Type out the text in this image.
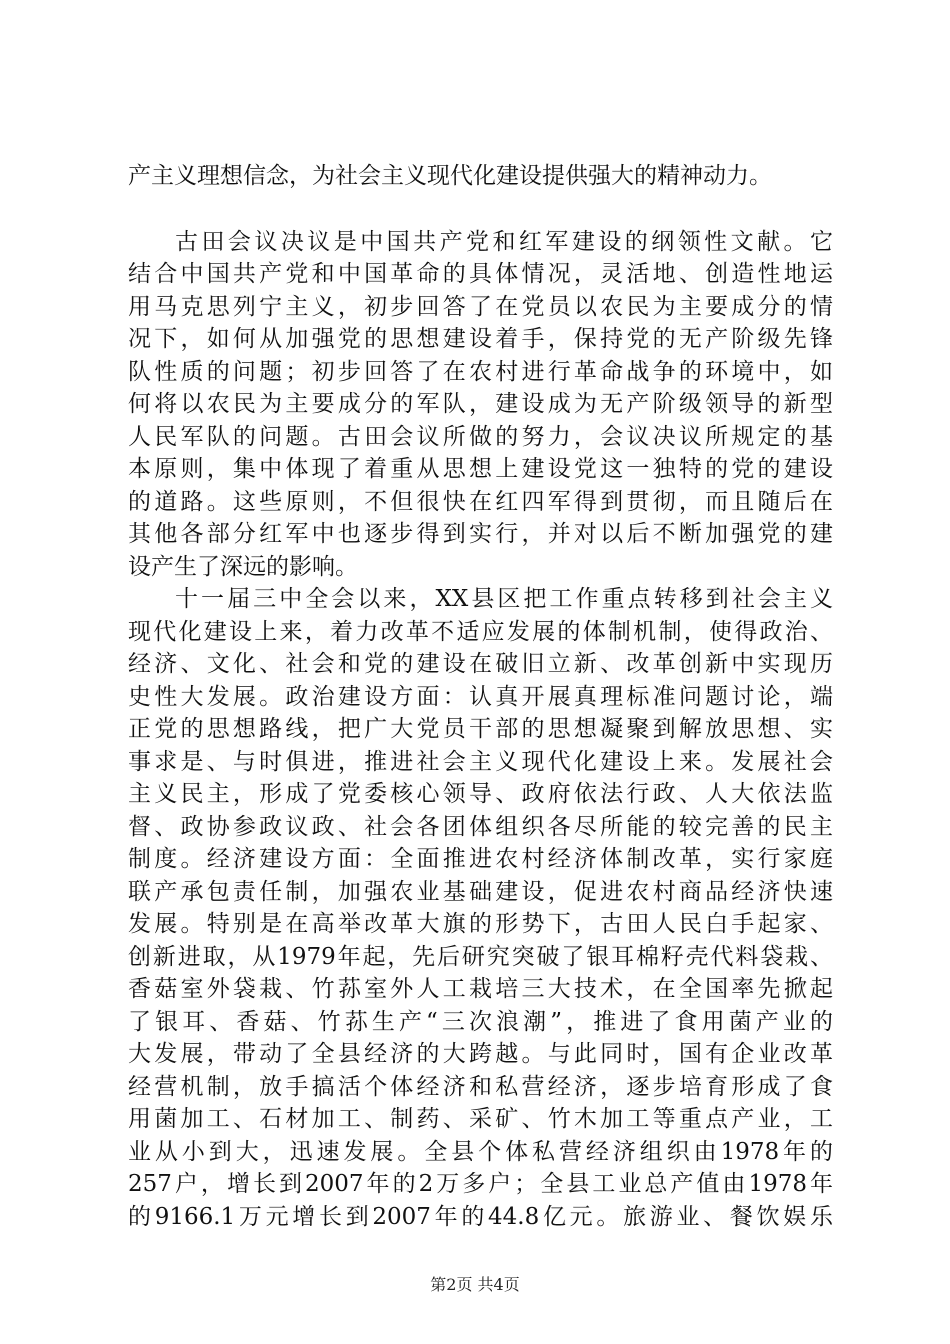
产主义理想信念，为社会主义现代化建设提供强大的精神动力。
古田会议决议是中国共产党和红军建设的纲领性文献。它
结合中国共产党和中国革命的具体情况，灵活地、创造性地运
用马克思列宁主义，初步回答了在党员以农民为主要成分的情
况下，如何从加强党的思想建设着手，保持党的无产阶级先锋
队性质的问题；初步回答了在农村进行革命战争的环境中，如
何将以农民为主要成分的军队，建设成为无产阶级领导的新型
人民军队的问题。古田会议所做的努力，会议决议所规定的基
本原则，集中体现了着重从思想上建设党这一独特的党的建设
的道路。这些原则，不但很快在红四军得到贯彻，而且随后在
其他各部分红军中也逐步得到实行，并对以后不断加强党的建
设产生了深远的影响。
十一届三中全会以来，XX县区把工作重点转移到社会主义
现代化建设上来，着力改革不适应发展的体制机制，使得政治、
经济、文化、社会和党的建设在破旧立新、改革创新中实现历
史性大发展。政治建设方面：认真开展真理标准问题讨论，端
正党的思想路线，把广大党员干部的思想凝聚到解放思想、实
事求是、与时俱进，推进社会主义现代化建设上来。发展社会
主义民主，形成了党委核心领导、政府依法行政、人大依法监
督、政协参政议政、社会各团体组织各尽所能的较完善的民主
制度。经济建设方面：全面推进农村经济体制改革，实行家庭
联产承包责任制，加强农业基础建设，促进农村商品经济快速
发展。特别是在高举改革大旗的形势下，古田人民白手起家、
创新进取，从1979年起，先后研究突破了银耳棉籽壳代料袋栽、
香菇室外袋栽、竹荪室外人工栽培三大技术，在全国率先掀起
了银耳、香菇、竹荪生产“三次浪潮”，推进了食用菌产业的
大发展，带动了全县经济的大跨越。与此同时，国有企业改革
经营机制，放手搞活个体经济和私营经济，逐步培育形成了食
用菌加工、石材加工、制药、采矿、竹木加工等重点产业，工
业从小到大，迅速发展。全县个体私营经济组织由1978年的
257户，增长到2007年的2万多户；全县工业总产值由1978年
的9166.1万元增长到2007年的44.8亿元。旅游业、餐饮娱乐
第2页 共4页
